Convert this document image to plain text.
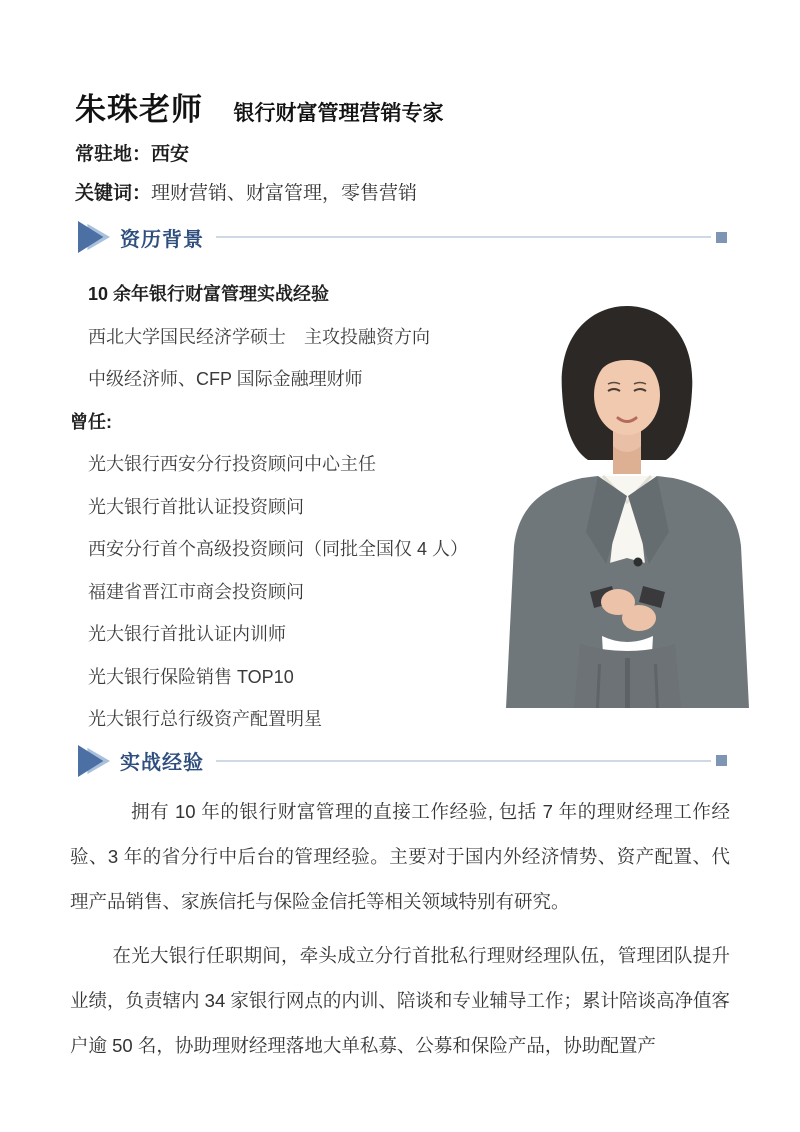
朱珠老师 银行财富管理营销专家
常驻地：西安
关键词：理财营销、财富管理，零售营销
资历背景
10 余年银行财富管理实战经验
西北大学国民经济学硕士　主攻投融资方向
中级经济师、CFP 国际金融理财师
曾任:
光大银行西安分行投资顾问中心主任
光大银行首批认证投资顾问
西安分行首个高级投资顾问（同批全国仅 4 人）
福建省晋江市商会投资顾问
光大银行首批认证内训师
光大银行保险销售 TOP10
光大银行总行级资产配置明星
实战经验

拥有 10 年的银行财富管理的直接工作经验, 包括 7 年的理财经理工作经验、3 年的省分行中后台的管理经验。主要对于国内外经济情势、资产配置、代理产品销售、家族信托与保险金信托等相关领域特别有研究。

在光大银行任职期间，牵头成立分行首批私行理财经理队伍，管理团队提升业绩，负责辖内 34 家银行网点的内训、陪谈和专业辅导工作；累计陪谈高净值客户逾 50 名，协助理财经理落地大单私募、公募和保险产品，协助配置产
